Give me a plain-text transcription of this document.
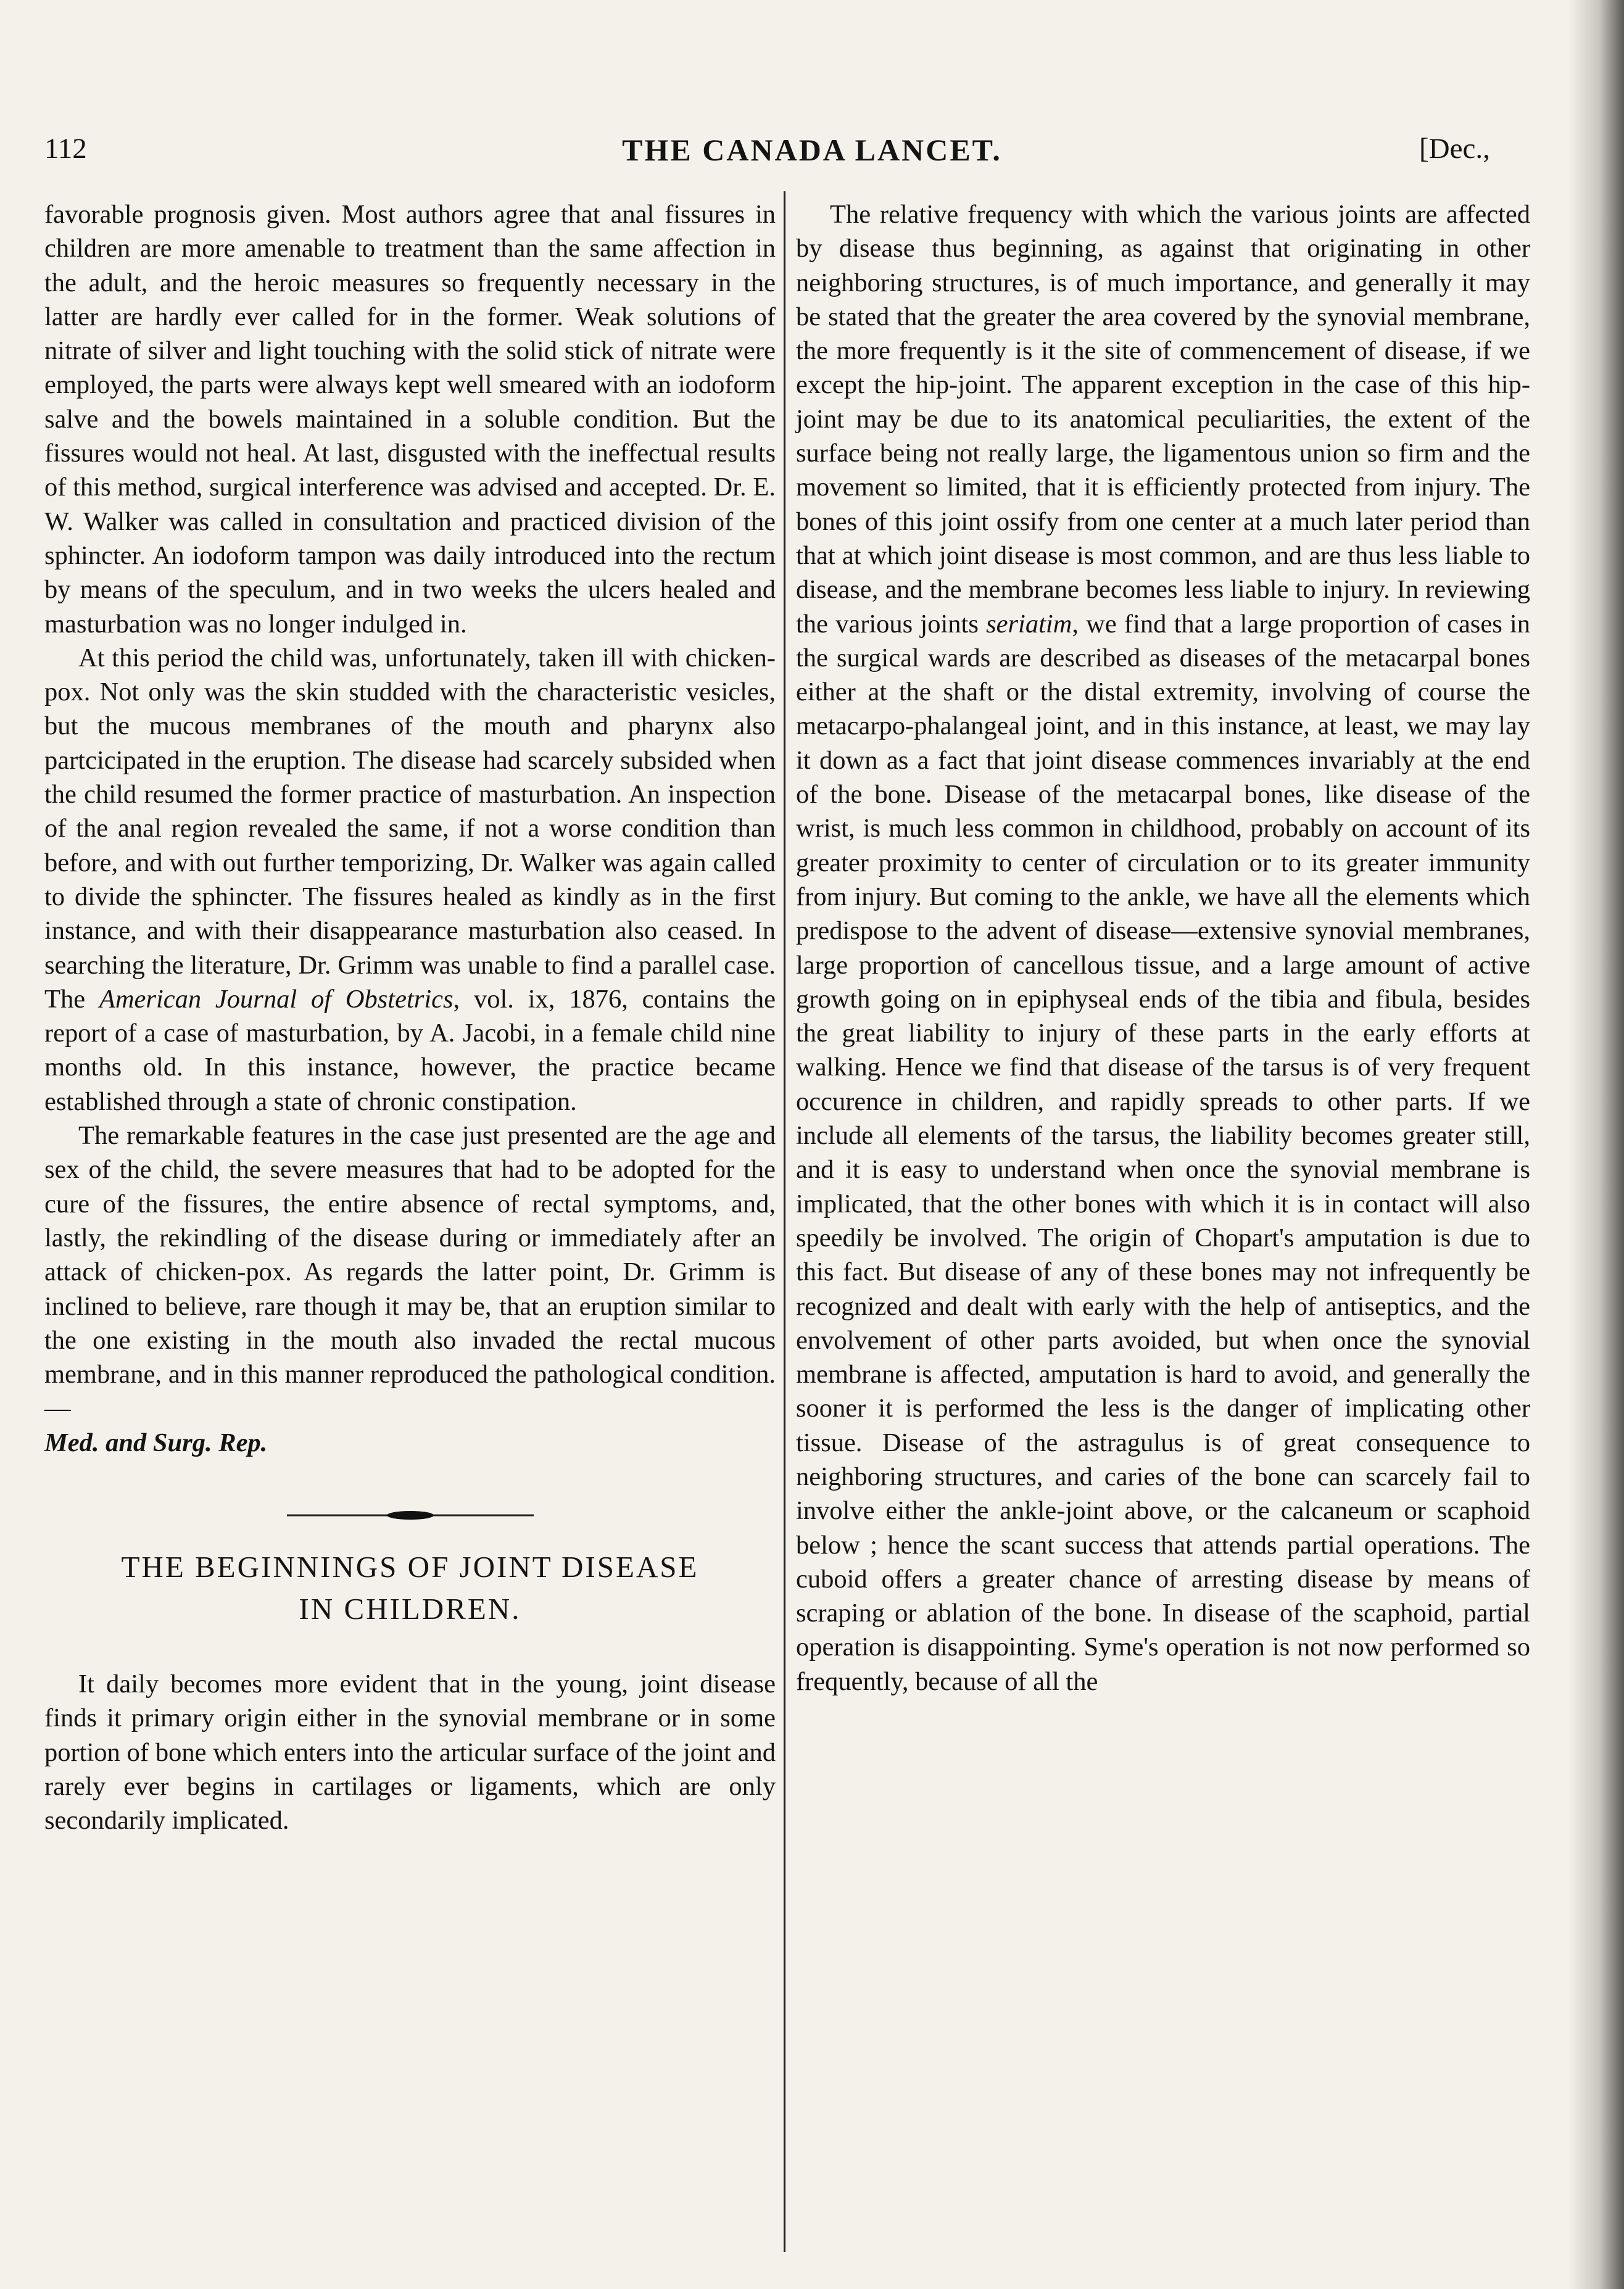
112	THE CANADA LANCET.	[Dec.,

favorable prognosis given. Most authors agree that anal fissures in children are more amenable to treatment than the same affection in the adult, and the heroic measures so frequently necessary in the latter are hardly ever called for in the former. Weak solutions of nitrate of silver and light touching with the solid stick of nitrate were employed, the parts were always kept well smeared with an iodoform salve and the bowels maintained in a soluble condition. But the fissures would not heal. At last, disgusted with the ineffectual results of this method, surgical interference was advised and accepted. Dr. E. W. Walker was called in consultation and practiced division of the sphincter. An iodoform tampon was daily introduced into the rectum by means of the speculum, and in two weeks the ulcers healed and masturbation was no longer indulged in.

At this period the child was, unfortunately, taken ill with chicken-pox. Not only was the skin studded with the characteristic vesicles, but the mucous membranes of the mouth and pharynx also partcicipated in the eruption. The disease had scarcely subsided when the child resumed the former practice of masturbation. An inspection of the anal region revealed the same, if not a worse condition than before, and with out further temporizing, Dr. Walker was again called to divide the sphincter. The fissures healed as kindly as in the first instance, and with their disappearance masturbation also ceased. In searching the literature, Dr. Grimm was unable to find a parallel case. The American Journal of Obstetrics, vol. ix, 1876, contains the report of a case of masturbation, by A. Jacobi, in a female child nine months old. In this instance, however, the practice became established through a state of chronic constipation.

The remarkable features in the case just presented are the age and sex of the child, the severe measures that had to be adopted for the cure of the fissures, the entire absence of rectal symptoms, and, lastly, the rekindling of the disease during or immediately after an attack of chicken-pox. As regards the latter point, Dr. Grimm is inclined to believe, rare though it may be, that an eruption similar to the one existing in the mouth also invaded the rectal mucous membrane, and in this manner reproduced the pathological condition.—
Med. and Surg. Rep.

THE BEGINNINGS OF JOINT DISEASE
IN CHILDREN.

It daily becomes more evident that in the young, joint disease finds it primary origin either in the synovial membrane or in some portion of bone which enters into the articular surface of the joint and rarely ever begins in cartilages or ligaments, which are only secondarily implicated.

The relative frequency with which the various joints are affected by disease thus beginning, as against that originating in other neighboring structures, is of much importance, and generally it may be stated that the greater the area covered by the synovial membrane, the more frequently is it the site of commencement of disease, if we except the hip-joint. The apparent exception in the case of this hip-joint may be due to its anatomical peculiarities, the extent of the surface being not really large, the ligamentous union so firm and the movement so limited, that it is efficiently protected from injury. The bones of this joint ossify from one center at a much later period than that at which joint disease is most common, and are thus less liable to disease, and the membrane becomes less liable to injury. In reviewing the various joints seriatim, we find that a large proportion of cases in the surgical wards are described as diseases of the metacarpal bones either at the shaft or the distal extremity, involving of course the metacarpo-phalangeal joint, and in this instance, at least, we may lay it down as a fact that joint disease commences invariably at the end of the bone. Disease of the metacarpal bones, like disease of the wrist, is much less common in childhood, probably on account of its greater proximity to center of circulation or to its greater immunity from injury. But coming to the ankle, we have all the elements which predispose to the advent of disease—extensive synovial membranes, large proportion of cancellous tissue, and a large amount of active growth going on in epiphyseal ends of the tibia and fibula, besides the great liability to injury of these parts in the early efforts at walking. Hence we find that disease of the tarsus is of very frequent occurence in children, and rapidly spreads to other parts. If we include all elements of the tarsus, the liability becomes greater still, and it is easy to understand when once the synovial membrane is implicated, that the other bones with which it is in contact will also speedily be involved. The origin of Chopart's amputation is due to this fact. But disease of any of these bones may not infrequently be recognized and dealt with early with the help of antiseptics, and the envolvement of other parts avoided, but when once the synovial membrane is affected, amputation is hard to avoid, and generally the sooner it is performed the less is the danger of implicating other tissue. Disease of the astragulus is of great consequence to neighboring structures, and caries of the bone can scarcely fail to involve either the ankle-joint above, or the calcaneum or scaphoid below ; hence the scant success that attends partial operations. The cuboid offers a greater chance of arresting disease by means of scraping or ablation of the bone. In disease of the scaphoid, partial operation is disappointing. Syme's operation is not now performed so frequently, because of all the
